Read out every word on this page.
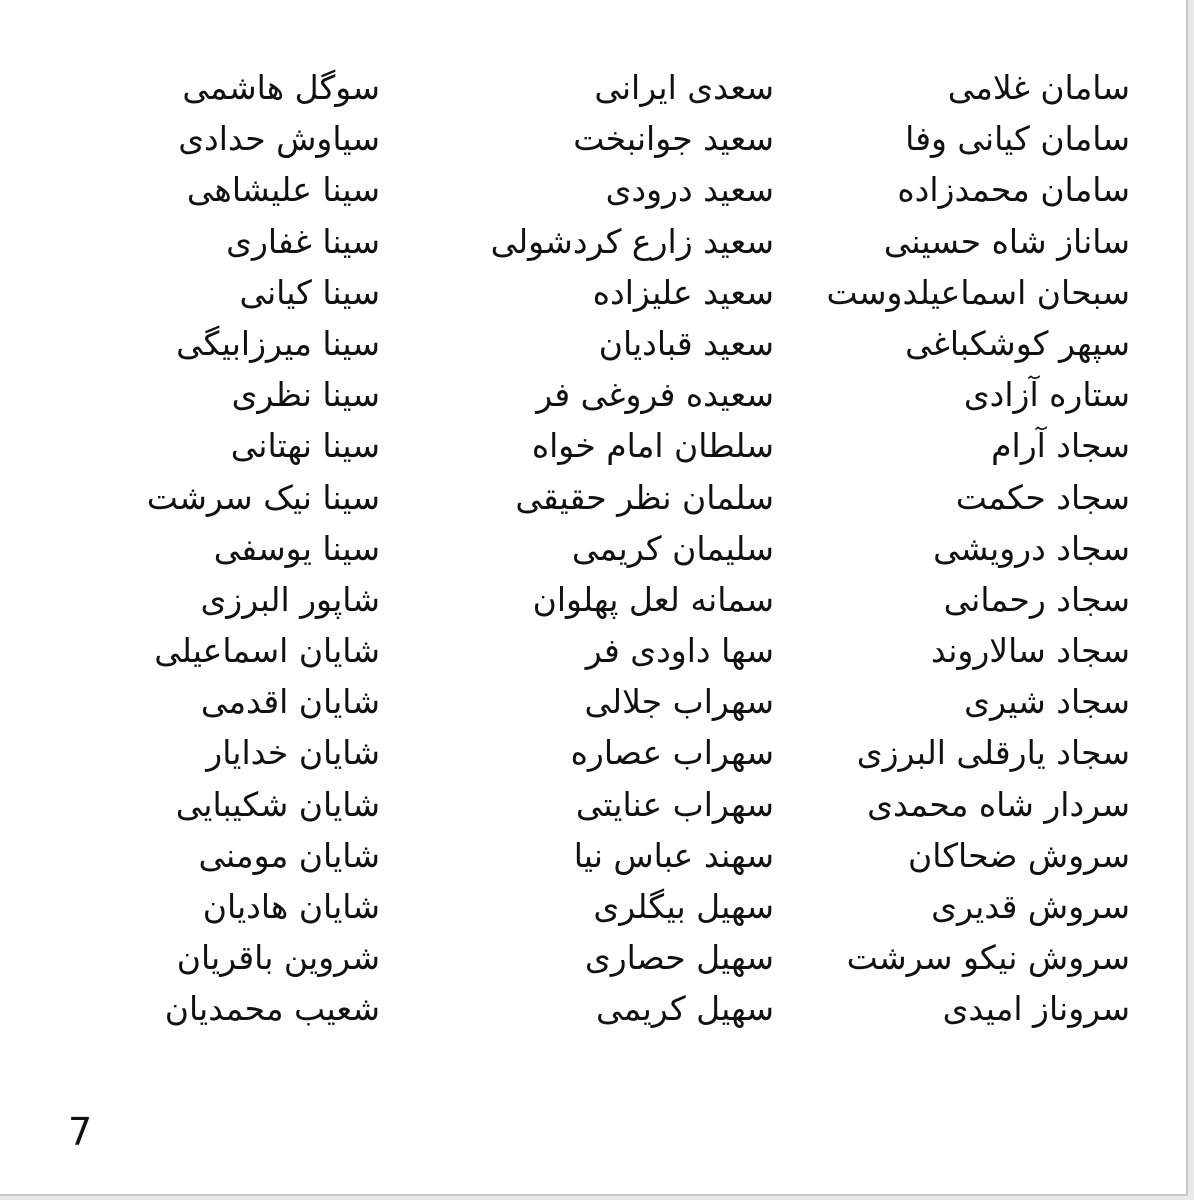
سامان غلامی
سامان کیانی وفا
سامان محمدزاده
ساناز شاه حسینی
سبحان اسماعیلدوست
سپهر کوشکباغی
ستاره آزادی
سجاد آرام
سجاد حکمت
سجاد درویشی
سجاد رحمانی
سجاد سالاروند
سجاد شیری
سجاد یارقلی البرزی
سردار شاه محمدی
سروش ضحاکان
سروش قدیری
سروش نیکو سرشت
سروناز امیدی
سعدی ایرانی
سعید جوانبخت
سعید درودی
سعید زارع کردشولی
سعید علیزاده
سعید قبادیان
سعیده فروغی فر
سلطان امام خواه
سلمان نظر حقیقی
سلیمان کریمی
سمانه لعل پهلوان
سها داودی فر
سهراب جلالی
سهراب عصاره
سهراب عنایتی
سهند عباس نیا
سهیل بیگلری
سهیل حصاری
سهیل کریمی
سوگل هاشمی
سیاوش حدادی
سینا علیشاهی
سینا غفاری
سینا کیانی
سینا میرزابیگی
سینا نظری
سینا نهتانی
سینا نیک سرشت
سینا یوسفی
شاپور البرزی
شایان اسماعیلی
شایان اقدمی
شایان خدایار
شایان شکیبایی
شایان مومنی
شایان هادیان
شروین باقریان
شعیب محمدیان
7
